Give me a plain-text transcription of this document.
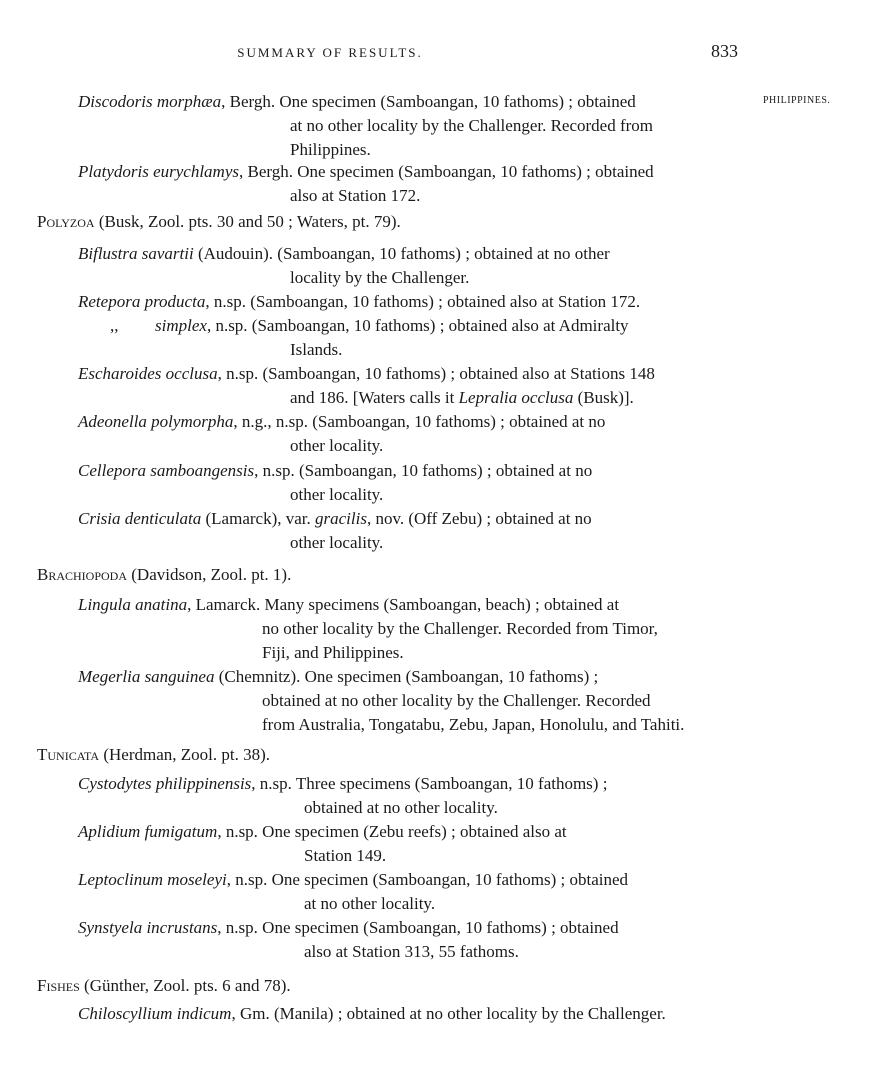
SUMMARY OF RESULTS.	833
PHILIPPINES.
Discodoris morphæa, Bergh. One specimen (Samboangan, 10 fathoms) ; obtained
at no other locality by the Challenger. Recorded from
Philippines.
Platydoris eurychlamys, Bergh. One specimen (Samboangan, 10 fathoms) ; obtained
also at Station 172.
Polyzoa (Busk, Zool. pts. 30 and 50 ; Waters, pt. 79).
Biflustra savartii (Audouin). (Samboangan, 10 fathoms) ; obtained at no other
locality by the Challenger.
Retepora producta, n.sp. (Samboangan, 10 fathoms) ; obtained also at Station 172.
,, simplex, n.sp. (Samboangan, 10 fathoms) ; obtained also at Admiralty
Islands.
Escharoides occlusa, n.sp. (Samboangan, 10 fathoms) ; obtained also at Stations 148
and 186. [Waters calls it Lepralia occlusa (Busk)].
Adeonella polymorpha, n.g., n.sp. (Samboangan, 10 fathoms) ; obtained at no
other locality.
Cellepora samboangensis, n.sp. (Samboangan, 10 fathoms) ; obtained at no
other locality.
Crisia denticulata (Lamarck), var. gracilis, nov. (Off Zebu) ; obtained at no
other locality.
Brachiopoda (Davidson, Zool. pt. 1).
Lingula anatina, Lamarck. Many specimens (Samboangan, beach) ; obtained at
no other locality by the Challenger. Recorded from Timor,
Fiji, and Philippines.
Megerlia sanguinea (Chemnitz). One specimen (Samboangan, 10 fathoms) ;
obtained at no other locality by the Challenger. Recorded
from Australia, Tongatabu, Zebu, Japan, Honolulu, and Tahiti.
Tunicata (Herdman, Zool. pt. 38).
Cystodytes philippinensis, n.sp. Three specimens (Samboangan, 10 fathoms) ;
obtained at no other locality.
Aplidium fumigatum, n.sp. One specimen (Zebu reefs) ; obtained also at
Station 149.
Leptoclinum moseleyi, n.sp. One specimen (Samboangan, 10 fathoms) ; obtained
at no other locality.
Synstyela incrustans, n.sp. One specimen (Samboangan, 10 fathoms) ; obtained
also at Station 313, 55 fathoms.
Fishes (Günther, Zool. pts. 6 and 78).
Chiloscyllium indicum, Gm. (Manila) ; obtained at no other locality by the Challenger.
